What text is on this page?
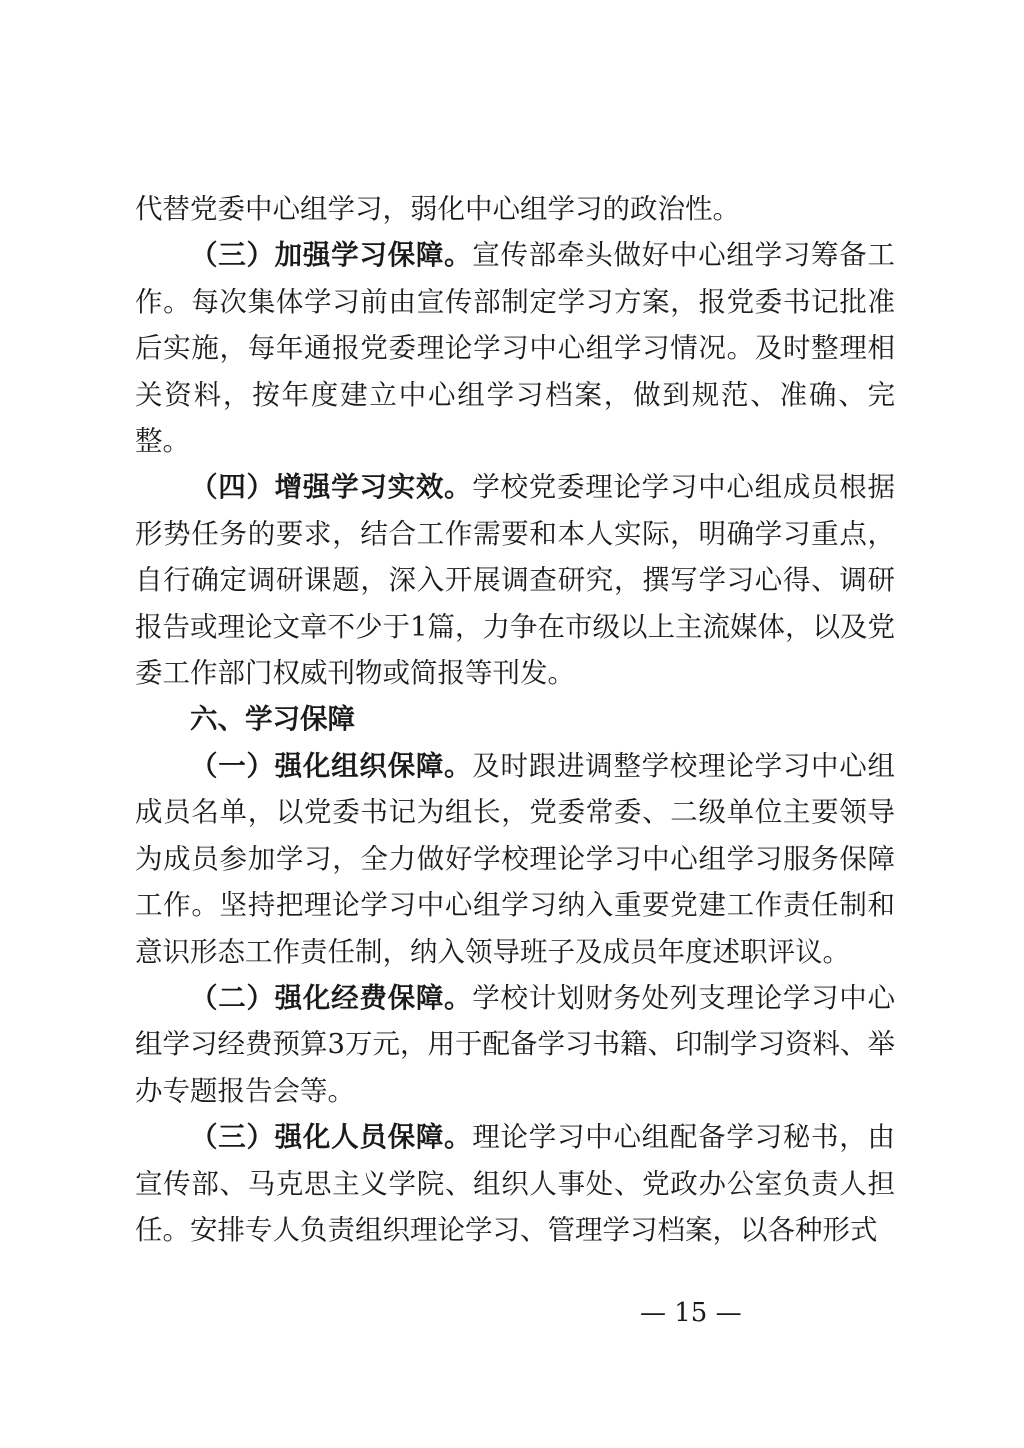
代替党委中心组学习，弱化中心组学习的政治性。

（三）加强学习保障。宣传部牵头做好中心组学习筹备工作。每次集体学习前由宣传部制定学习方案，报党委书记批准后实施，每年通报党委理论学习中心组学习情况。及时整理相关资料，按年度建立中心组学习档案，做到规范、准确、完整。

（四）增强学习实效。学校党委理论学习中心组成员根据形势任务的要求，结合工作需要和本人实际，明确学习重点，自行确定调研课题，深入开展调查研究，撰写学习心得、调研报告或理论文章不少于1篇，力争在市级以上主流媒体，以及党委工作部门权威刊物或简报等刊发。

六、学习保障

（一）强化组织保障。及时跟进调整学校理论学习中心组成员名单，以党委书记为组长，党委常委、二级单位主要领导为成员参加学习，全力做好学校理论学习中心组学习服务保障工作。坚持把理论学习中心组学习纳入重要党建工作责任制和意识形态工作责任制，纳入领导班子及成员年度述职评议。

（二）强化经费保障。学校计划财务处列支理论学习中心组学习经费预算3万元，用于配备学习书籍、印制学习资料、举办专题报告会等。

（三）强化人员保障。理论学习中心组配备学习秘书，由宣传部、马克思主义学院、组织人事处、党政办公室负责人担任。安排专人负责组织理论学习、管理学习档案，以各种形式

— 15 —
